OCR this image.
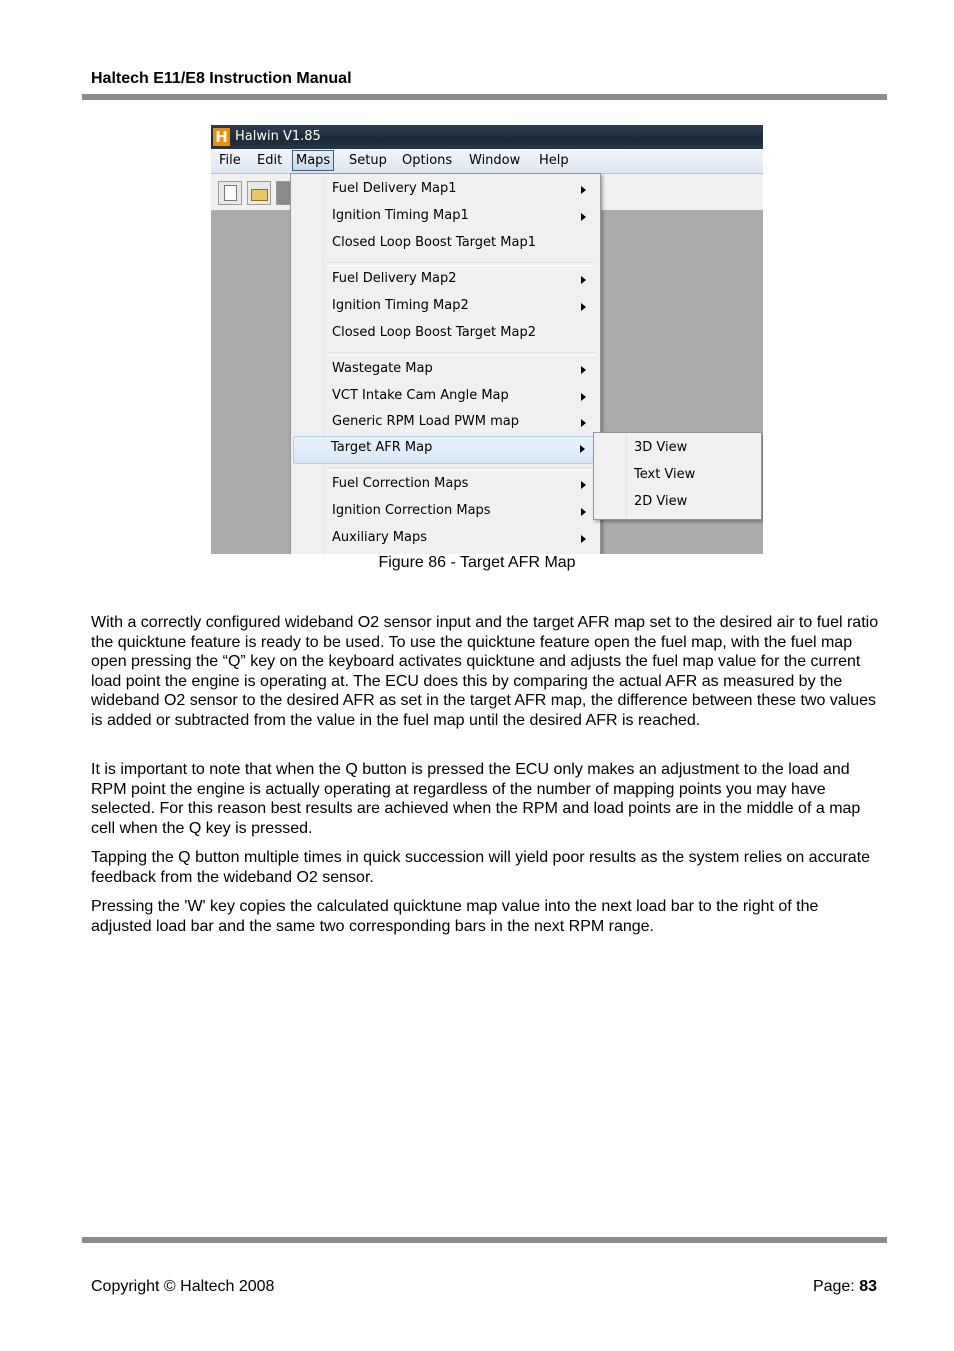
Haltech E11/E8 Instruction Manual
H Halwin V1.85
File Edit	Maps	Setup Options Window Help
Fuel Delivery Map1
Ignition Timing Map1
Closed Loop Boost Target Map1
Fuel Delivery Map2
Ignition Timing Map2
Closed Loop Boost Target Map2
Wastegate Map
VCT Intake Cam Angle Map
Generic RPM Load PWM map
Target AFR Map
Fuel Correction Maps
Ignition Correction Maps
Auxiliary Maps
3D View
Text View
2D View
Figure 86 - Target AFR Map

With a correctly configured wideband O2 sensor input and the target AFR map set to the desired air to fuel ratio the quicktune feature is ready to be used. To use the quicktune feature open the fuel map, with the fuel map open pressing the “Q” key on the keyboard activates quicktune and adjusts the fuel map value for the current load point the engine is operating at. The ECU does this by comparing the actual AFR as measured by the wideband O2 sensor to the desired AFR as set in the target AFR map, the difference between these two values is added or subtracted from the value in the fuel map until the desired AFR is reached.

It is important to note that when the Q button is pressed the ECU only makes an adjustment to the load and RPM point the engine is actually operating at regardless of the number of mapping points you may have selected. For this reason best results are achieved when the RPM and load points are in the middle of a map cell when the Q key is pressed.

Tapping the Q button multiple times in quick succession will yield poor results as the system relies on accurate feedback from the wideband O2 sensor.

Pressing the 'W' key copies the calculated quicktune map value into the next load bar to the right of the adjusted load bar and the same two corresponding bars in the next RPM range.

Copyright © Haltech 2008	Page: 83
